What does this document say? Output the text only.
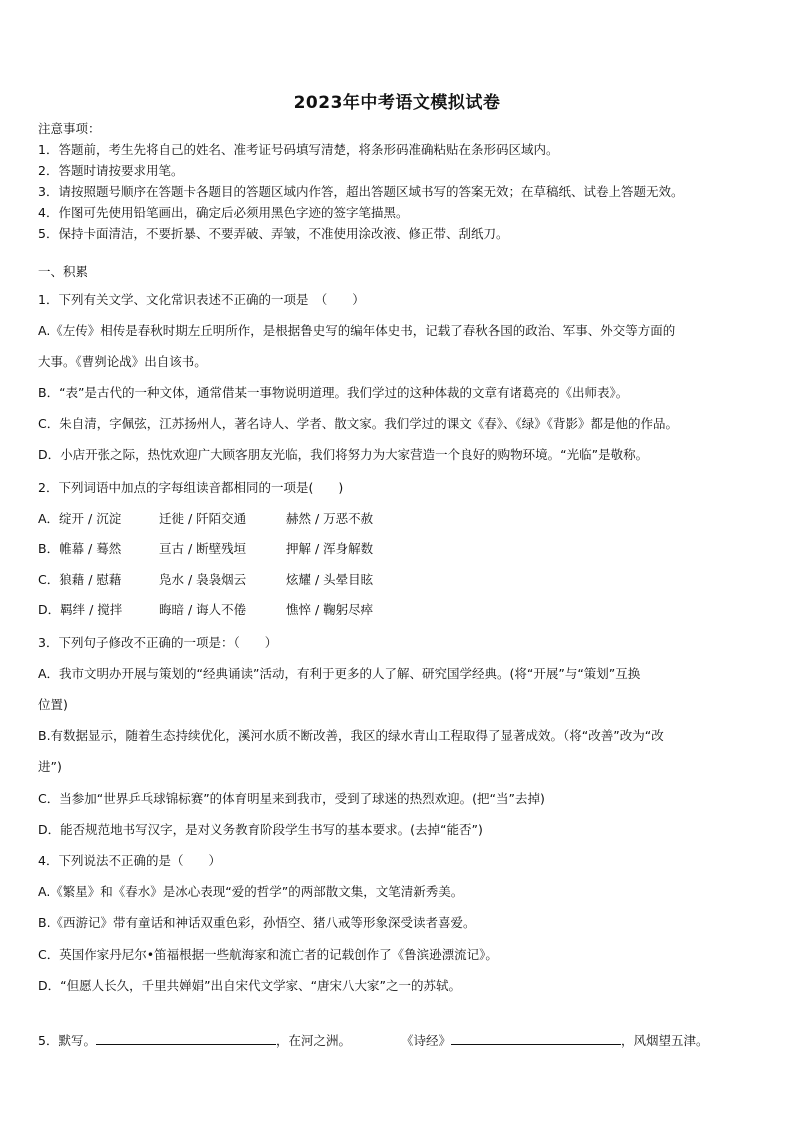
2023年中考语文模拟试卷
注意事项：
1．答题前，考生先将自己的姓名、准考证号码填写清楚，将条形码准确粘贴在条形码区域内。
2．答题时请按要求用笔。
3．请按照题号顺序在答题卡各题目的答题区域内作答，超出答题区域书写的答案无效；在草稿纸、试卷上答题无效。
4．作图可先使用铅笔画出，确定后必须用黑色字迹的签字笔描黑。
5．保持卡面清洁，不要折暴、不要弄破、弄皱，不准使用涂改液、修正带、刮纸刀。
一、积累
1．下列有关文学、文化常识表述不正确的一项是　（　　）
A.《左传》相传是春秋时期左丘明所作，是根据鲁史写的编年体史书，记载了春秋各国的政治、军事、外交等方面的
大事。《曹刿论战》出自该书。
B．“表”是古代的一种文体，通常借某一事物说明道理。我们学过的这种体裁的文章有诸葛亮的《出师表》。
C．朱自清，字佩弦，江苏扬州人，著名诗人、学者、散文家。我们学过的课文《春》、《绿》《背影》都是他的作品。
D．小店开张之际，热忱欢迎广大顾客朋友光临，我们将努力为大家营造一个良好的购物环境。“光临”是敬称。
2．下列词语中加点的字每组读音都相同的一项是(　　)
A．绽开 / 沉淀	迁徙 / 阡陌交通	赫然 / 万恶不赦
B．帷幕 / 蓦然	亘古 / 断壁残垣	押解 / 浑身解数
C．狼藉 / 慰藉	凫水 / 袅袅烟云	炫耀 / 头晕目眩
D．羁绊 / 搅拌	晦暗 / 诲人不倦	憔悴 / 鞠躬尽瘁
3．下列句子修改不正确的一项是：（　　）
A．我市文明办开展与策划的“经典诵读”活动，有利于更多的人了解、研究国学经典。(将“开展”与“策划”互换
位置)
B.有数据显示，随着生态持续优化，溪河水质不断改善，我区的绿水青山工程取得了显著成效。（将“改善”改为“改
进”)
C．当参加“世界乒乓球锦标赛”的体育明星来到我市，受到了球迷的热烈欢迎。(把“当”去掉)
D．能否规范地书写汉字，是对义务教育阶段学生书写的基本要求。(去掉“能否”)
4．下列说法不正确的是（　　）
A.《繁星》和《春水》是冰心表现“爱的哲学”的两部散文集，文笔清新秀美。
B.《西游记》带有童话和神话双重色彩，孙悟空、猪八戒等形象深受读者喜爱。
C．英国作家丹尼尔•笛福根据一些航海家和流亡者的记载创作了《鲁滨逊漂流记》。
D．“但愿人长久，千里共婵娟”出自宋代文学家、“唐宋八大家”之一的苏轼。
5．默写。	，在河之洲。	《诗经》	，风烟望五津。
